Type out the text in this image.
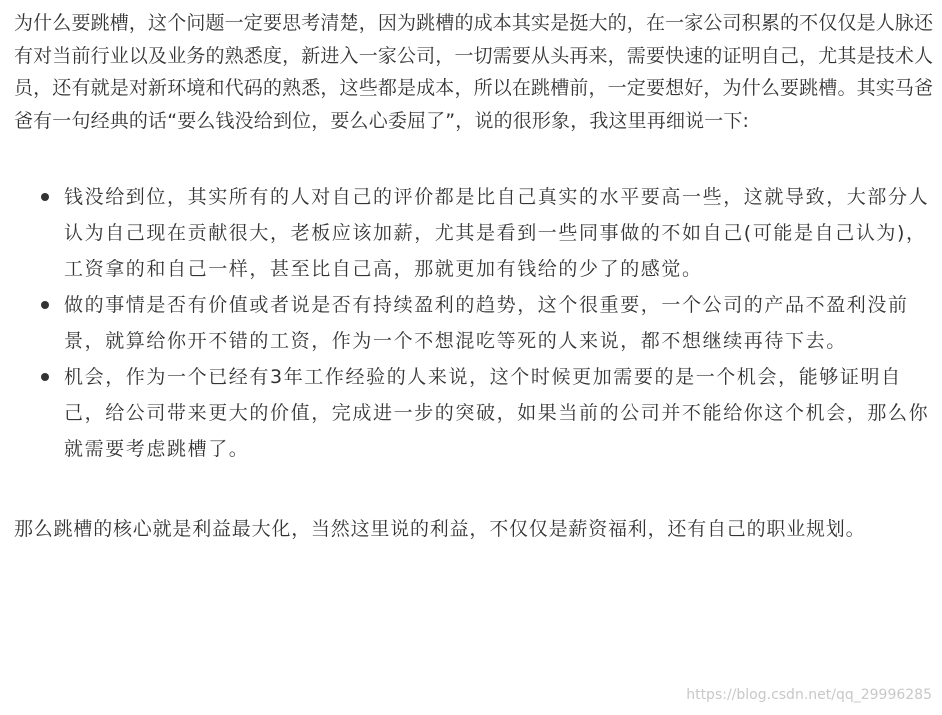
为什么要跳槽，这个问题一定要思考清楚，因为跳槽的成本其实是挺大的，在一家公司积累的不仅仅是人脉还有对当前行业以及业务的熟悉度，新进入一家公司，一切需要从头再来，需要快速的证明自己，尤其是技术人员，还有就是对新环境和代码的熟悉，这些都是成本，所以在跳槽前，一定要想好，为什么要跳槽。其实马爸爸有一句经典的话“要么钱没给到位，要么心委屈了”，说的很形象，我这里再细说一下:

钱没给到位，其实所有的人对自己的评价都是比自己真实的水平要高一些，这就导致，大部分人认为自己现在贡献很大，老板应该加薪，尤其是看到一些同事做的不如自己(可能是自己认为)，工资拿的和自己一样，甚至比自己高，那就更加有钱给的少了的感觉。
做的事情是否有价值或者说是否有持续盈利的趋势，这个很重要，一个公司的产品不盈利没前景，就算给你开不错的工资，作为一个不想混吃等死的人来说，都不想继续再待下去。
机会，作为一个已经有3年工作经验的人来说，这个时候更加需要的是一个机会，能够证明自己，给公司带来更大的价值，完成进一步的突破，如果当前的公司并不能给你这个机会，那么你就需要考虑跳槽了。

那么跳槽的核心就是利益最大化，当然这里说的利益，不仅仅是薪资福利，还有自己的职业规划。

https://blog.csdn.net/qq_29996285
